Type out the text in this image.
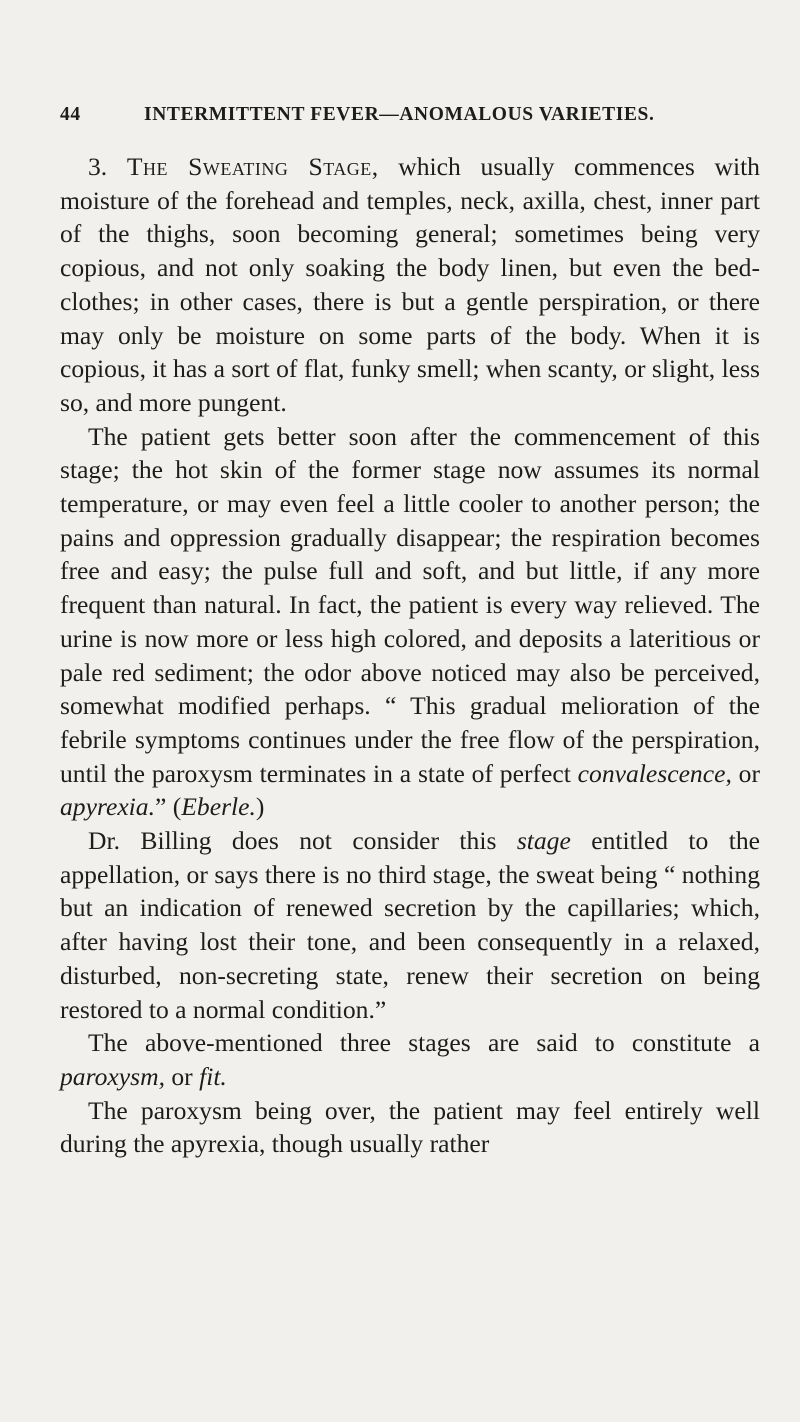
44	INTERMITTENT FEVER—ANOMALOUS VARIETIES.

3. The Sweating Stage, which usually commences with moisture of the forehead and temples, neck, axilla, chest, inner part of the thighs, soon becoming general; sometimes being very copious, and not only soaking the body linen, but even the bed-clothes; in other cases, there is but a gentle perspiration, or there may only be moisture on some parts of the body. When it is copious, it has a sort of flat, funky smell; when scanty, or slight, less so, and more pungent.

The patient gets better soon after the commencement of this stage; the hot skin of the former stage now assumes its normal temperature, or may even feel a little cooler to another person; the pains and oppression gradually disappear; the respiration becomes free and easy; the pulse full and soft, and but little, if any more frequent than natural. In fact, the patient is every way relieved. The urine is now more or less high colored, and deposits a lateritious or pale red sediment; the odor above noticed may also be perceived, somewhat modified perhaps. “ This gradual melioration of the febrile symptoms continues under the free flow of the perspiration, until the paroxysm terminates in a state of perfect convalescence, or apyrexia.” (Eberle.)

Dr. Billing does not consider this stage entitled to the appellation, or says there is no third stage, the sweat being “ nothing but an indication of renewed secretion by the capillaries; which, after having lost their tone, and been consequently in a relaxed, disturbed, non-secreting state, renew their secretion on being restored to a normal condition.”

The above-mentioned three stages are said to constitute a paroxysm, or fit.

The paroxysm being over, the patient may feel entirely well during the apyrexia, though usually rather
